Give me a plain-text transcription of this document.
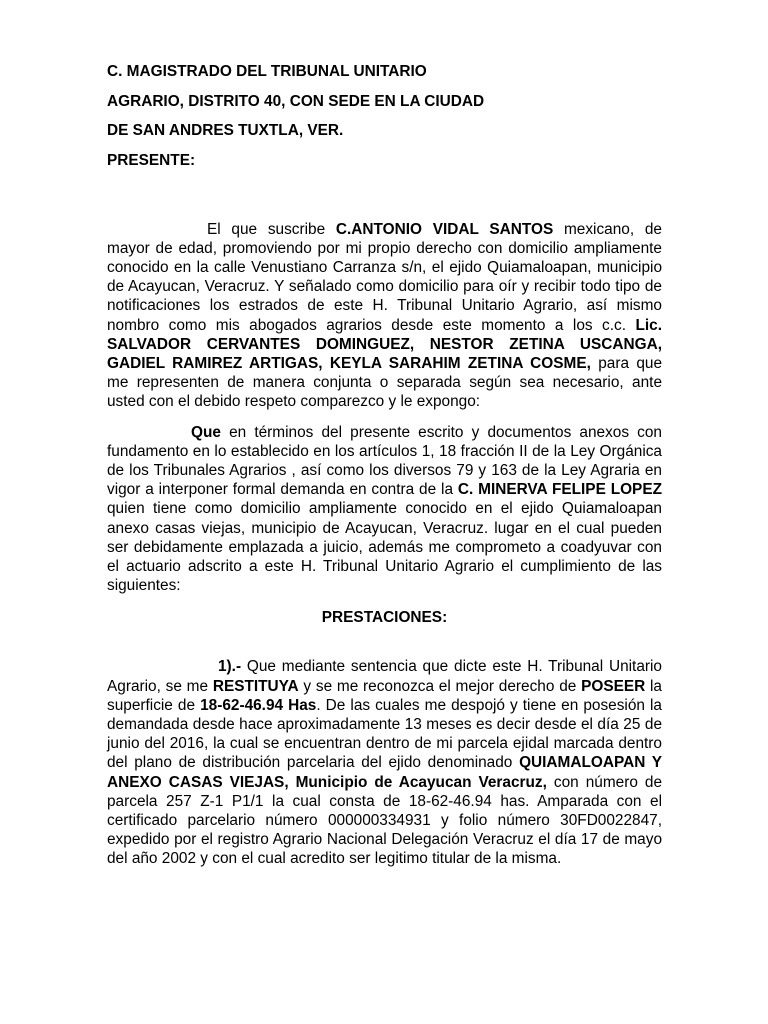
C. MAGISTRADO DEL TRIBUNAL UNITARIO

AGRARIO, DISTRITO 40, CON SEDE EN LA CIUDAD

DE SAN ANDRES TUXTLA, VER.

PRESENTE:

El que suscribe C.ANTONIO VIDAL SANTOS mexicano, de mayor de edad, promoviendo por mi propio derecho con domicilio ampliamente conocido en la calle Venustiano Carranza s/n, el ejido Quiamaloapan, municipio de Acayucan, Veracruz. Y señalado como domicilio para oír y recibir todo tipo de notificaciones los estrados de este H. Tribunal Unitario Agrario, así mismo nombro como mis abogados agrarios desde este momento a los c.c. Lic. SALVADOR CERVANTES DOMINGUEZ, NESTOR ZETINA USCANGA, GADIEL RAMIREZ ARTIGAS, KEYLA SARAHIM ZETINA COSME, para que me representen de manera conjunta o separada según sea necesario, ante usted con el debido respeto comparezco y le expongo:

Que en términos del presente escrito y documentos anexos con fundamento en lo establecido en los artículos 1, 18 fracción II de la Ley Orgánica de los Tribunales Agrarios , así como los diversos 79 y 163 de la Ley Agraria en vigor a interponer formal demanda en contra de la C. MINERVA FELIPE LOPEZ quien tiene como domicilio ampliamente conocido en el ejido Quiamaloapan anexo casas viejas, municipio de Acayucan, Veracruz. lugar en el cual pueden ser debidamente emplazada a juicio, además me comprometo a coadyuvar con el actuario adscrito a este H. Tribunal Unitario Agrario el cumplimiento de las siguientes:

PRESTACIONES:

1).- Que mediante sentencia que dicte este H. Tribunal Unitario Agrario, se me RESTITUYA y se me reconozca el mejor derecho de POSEER la superficie de 18-62-46.94 Has. De las cuales me despojó y tiene en posesión la demandada desde hace aproximadamente 13 meses es decir desde el día 25 de junio del 2016, la cual se encuentran dentro de mi parcela ejidal marcada dentro del plano de distribución parcelaria del ejido denominado QUIAMALOAPAN Y ANEXO CASAS VIEJAS, Municipio de Acayucan Veracruz, con número de parcela 257 Z-1 P1/1 la cual consta de 18-62-46.94 has. Amparada con el certificado parcelario número 000000334931 y folio número 30FD0022847, expedido por el registro Agrario Nacional Delegación Veracruz el día 17 de mayo del año 2002 y con el cual acredito ser legitimo titular de la misma.
